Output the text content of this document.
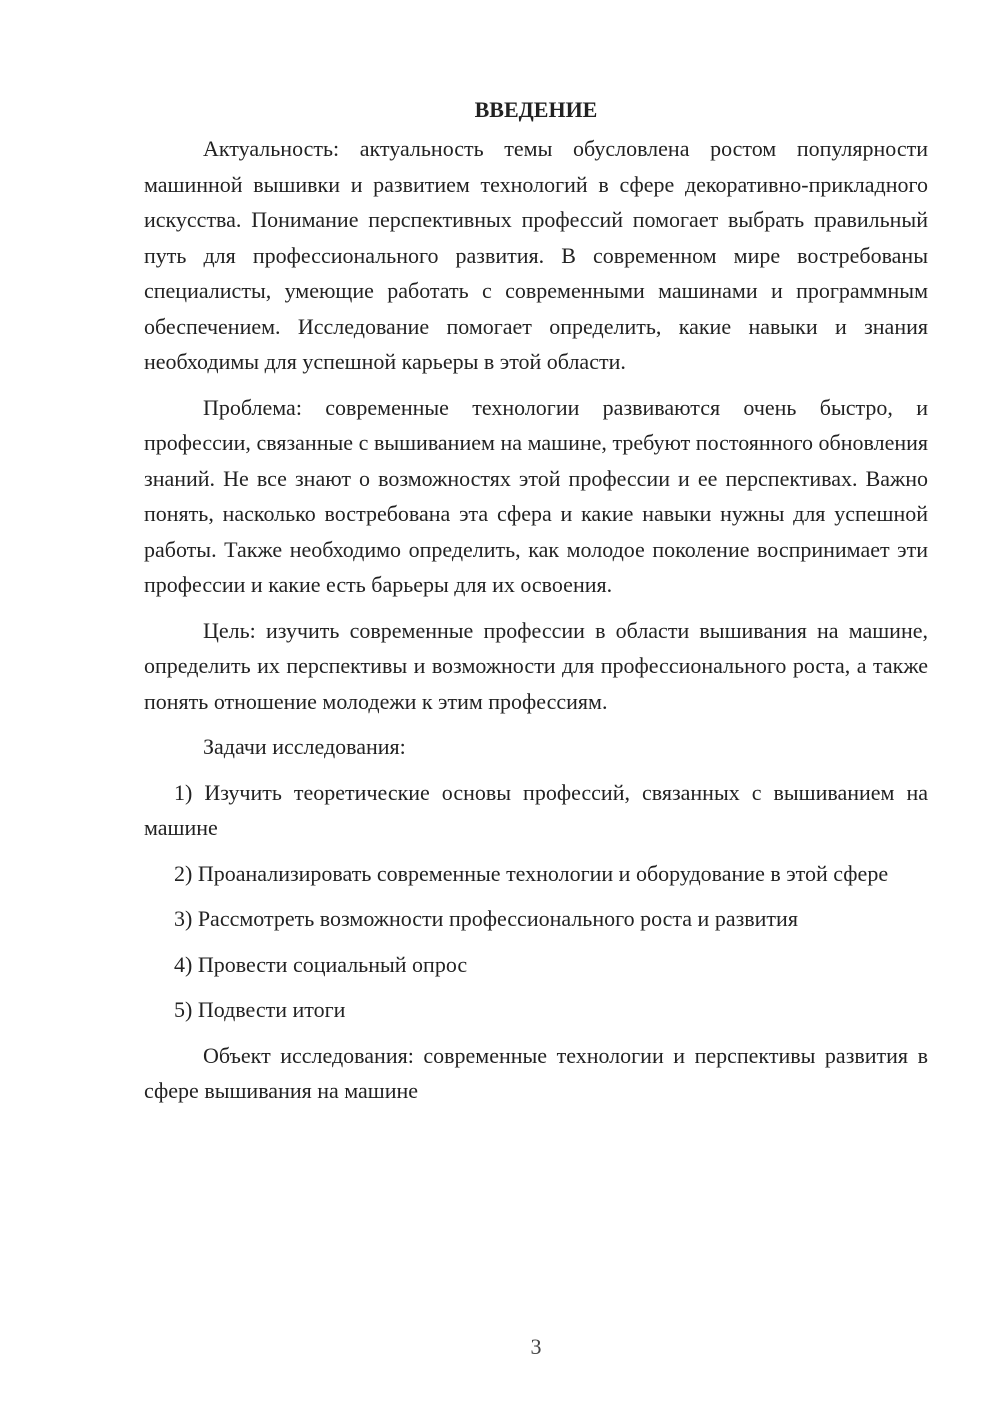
ВВЕДЕНИЕ

Актуальность: актуальность темы обусловлена ростом популярности машинной вышивки и развитием технологий в сфере декоративно-прикладного искусства. Понимание перспективных профессий помогает выбрать правильный путь для профессионального развития. В современном мире востребованы специалисты, умеющие работать с современными машинами и программным обеспечением. Исследование помогает определить, какие навыки и знания необходимы для успешной карьеры в этой области.

Проблема: современные технологии развиваются очень быстро, и профессии, связанные с вышиванием на машине, требуют постоянного обновления знаний. Не все знают о возможностях этой профессии и ее перспективах. Важно понять, насколько востребована эта сфера и какие навыки нужны для успешной работы. Также необходимо определить, как молодое поколение воспринимает эти профессии и какие есть барьеры для их освоения.

Цель: изучить современные профессии в области вышивания на машине, определить их перспективы и возможности для профессионального роста, а также понять отношение молодежи к этим профессиям.

Задачи исследования:

1) Изучить теоретические основы профессий, связанных с вышиванием на машине

2) Проанализировать современные технологии и оборудование в этой сфере

3) Рассмотреть возможности профессионального роста и развития

4) Провести социальный опрос

5) Подвести итоги

Объект исследования: современные технологии и перспективы развития в сфере вышивания на машине

3
